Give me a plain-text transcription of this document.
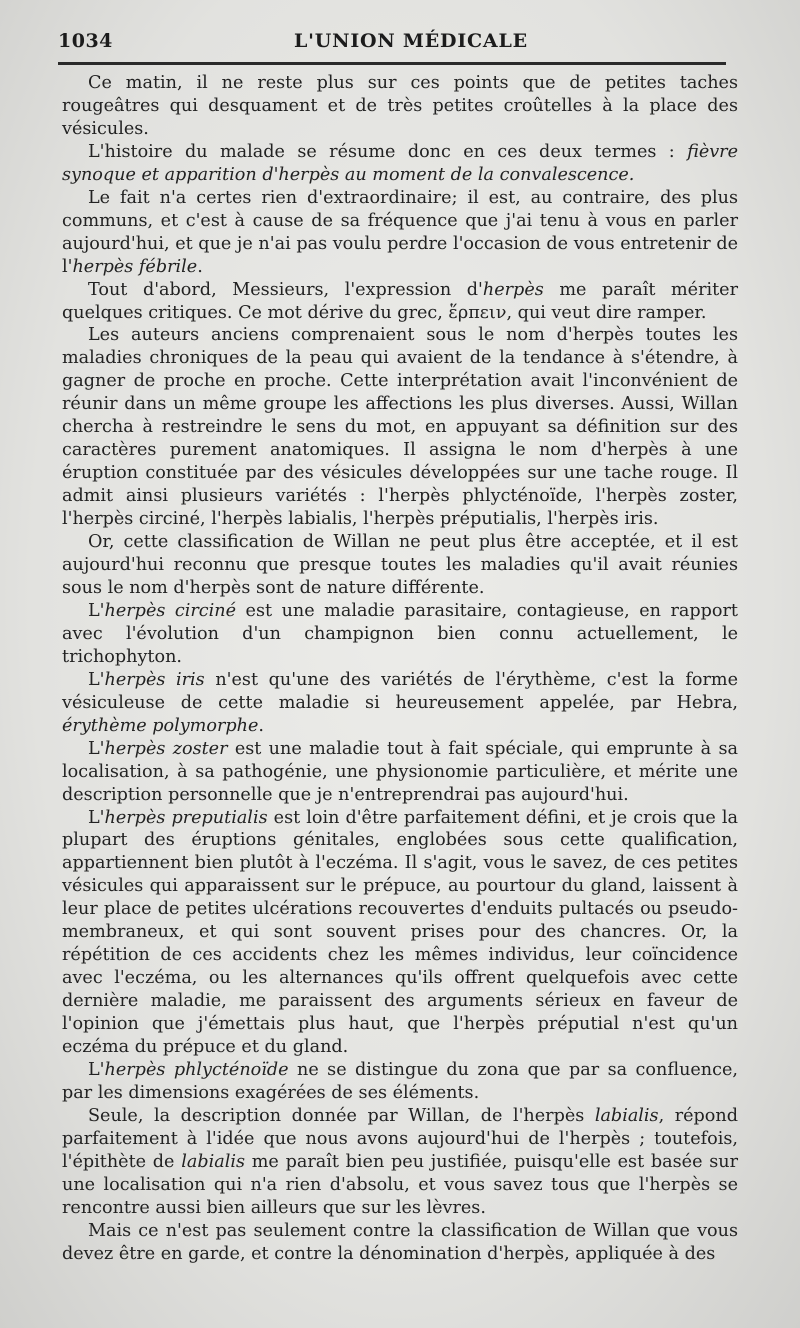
1034	L'UNION MÉDICALE

Ce matin, il ne reste plus sur ces points que de petites taches rougeâtres qui desquament et de très petites croûtelles à la place des vésicules.

L'histoire du malade se résume donc en ces deux termes : fièvre synoque et apparition d'herpès au moment de la convalescence.

Le fait n'a certes rien d'extraordinaire; il est, au contraire, des plus communs, et c'est à cause de sa fréquence que j'ai tenu à vous en parler aujourd'hui, et que je n'ai pas voulu perdre l'occasion de vous entretenir de l'herpès fébrile.

Tout d'abord, Messieurs, l'expression d'herpès me paraît mériter quelques critiques. Ce mot dérive du grec, ἕρπειν, qui veut dire ramper.

Les auteurs anciens comprenaient sous le nom d'herpès toutes les maladies chroniques de la peau qui avaient de la tendance à s'étendre, à gagner de proche en proche. Cette interprétation avait l'inconvénient de réunir dans un même groupe les affections les plus diverses. Aussi, Willan chercha à restreindre le sens du mot, en appuyant sa définition sur des caractères purement anatomiques. Il assigna le nom d'herpès à une éruption constituée par des vésicules développées sur une tache rouge. Il admit ainsi plusieurs variétés : l'herpès phlycténoïde, l'herpès zoster, l'herpès circiné, l'herpès labialis, l'herpès préputialis, l'herpès iris.

Or, cette classification de Willan ne peut plus être acceptée, et il est aujourd'hui reconnu que presque toutes les maladies qu'il avait réunies sous le nom d'herpès sont de nature différente.

L'herpès circiné est une maladie parasitaire, contagieuse, en rapport avec l'évolution d'un champignon bien connu actuellement, le trichophyton.

L'herpès iris n'est qu'une des variétés de l'érythème, c'est la forme vésiculeuse de cette maladie si heureusement appelée, par Hebra, érythème polymorphe.

L'herpès zoster est une maladie tout à fait spéciale, qui emprunte à sa localisation, à sa pathogénie, une physionomie particulière, et mérite une description personnelle que je n'entreprendrai pas aujourd'hui.

L'herpès preputialis est loin d'être parfaitement défini, et je crois que la plupart des éruptions génitales, englobées sous cette qualification, appartiennent bien plutôt à l'eczéma. Il s'agit, vous le savez, de ces petites vésicules qui apparaissent sur le prépuce, au pourtour du gland, laissent à leur place de petites ulcérations recouvertes d'enduits pultacés ou pseudo-membraneux, et qui sont souvent prises pour des chancres. Or, la répétition de ces accidents chez les mêmes individus, leur coïncidence avec l'eczéma, ou les alternances qu'ils offrent quelquefois avec cette dernière maladie, me paraissent des arguments sérieux en faveur de l'opinion que j'émettais plus haut, que l'herpès préputial n'est qu'un eczéma du prépuce et du gland.

L'herpès phlycténoïde ne se distingue du zona que par sa confluence, par les dimensions exagérées de ses éléments.

Seule, la description donnée par Willan, de l'herpès labialis, répond parfaitement à l'idée que nous avons aujourd'hui de l'herpès ; toutefois, l'épithète de labialis me paraît bien peu justifiée, puisqu'elle est basée sur une localisation qui n'a rien d'absolu, et vous savez tous que l'herpès se rencontre aussi bien ailleurs que sur les lèvres.

Mais ce n'est pas seulement contre la classification de Willan que vous devez être en garde, et contre la dénomination d'herpès, appliquée à des
